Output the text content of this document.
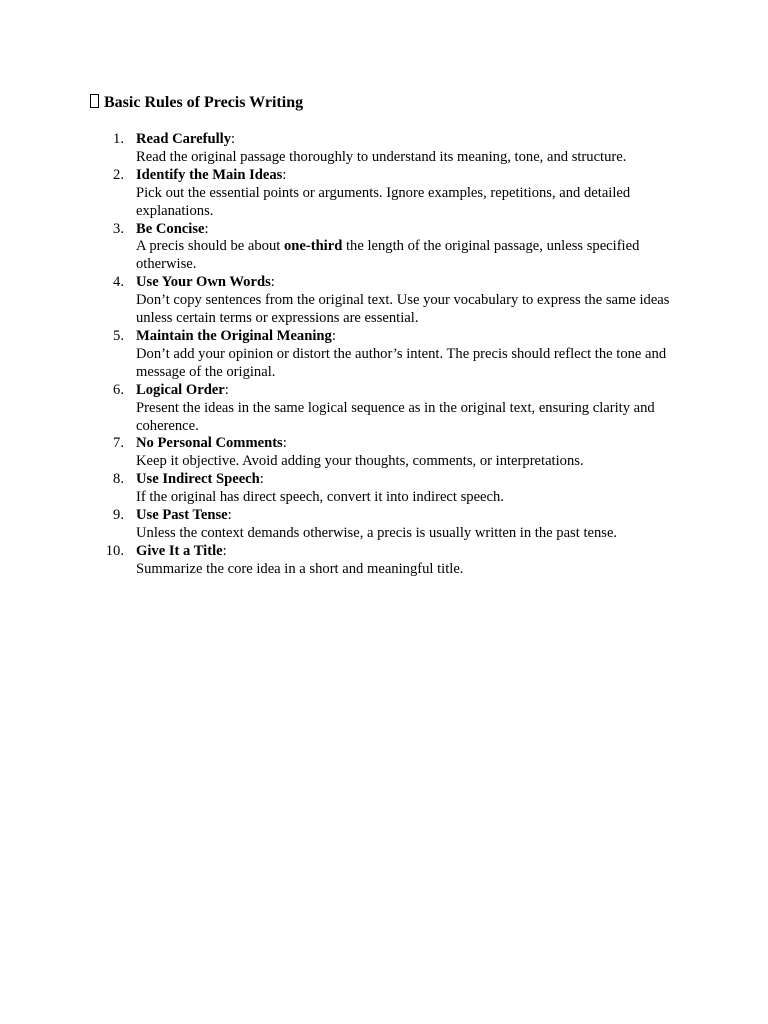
Basic Rules of Precis Writing
1. Read Carefully:
Read the original passage thoroughly to understand its meaning, tone, and structure.
2. Identify the Main Ideas:
Pick out the essential points or arguments. Ignore examples, repetitions, and detailed explanations.
3. Be Concise:
A precis should be about one-third the length of the original passage, unless specified otherwise.
4. Use Your Own Words:
Don’t copy sentences from the original text. Use your vocabulary to express the same ideas unless certain terms or expressions are essential.
5. Maintain the Original Meaning:
Don’t add your opinion or distort the author’s intent. The precis should reflect the tone and message of the original.
6. Logical Order:
Present the ideas in the same logical sequence as in the original text, ensuring clarity and coherence.
7. No Personal Comments:
Keep it objective. Avoid adding your thoughts, comments, or interpretations.
8. Use Indirect Speech:
If the original has direct speech, convert it into indirect speech.
9. Use Past Tense:
Unless the context demands otherwise, a precis is usually written in the past tense.
10. Give It a Title:
Summarize the core idea in a short and meaningful title.
